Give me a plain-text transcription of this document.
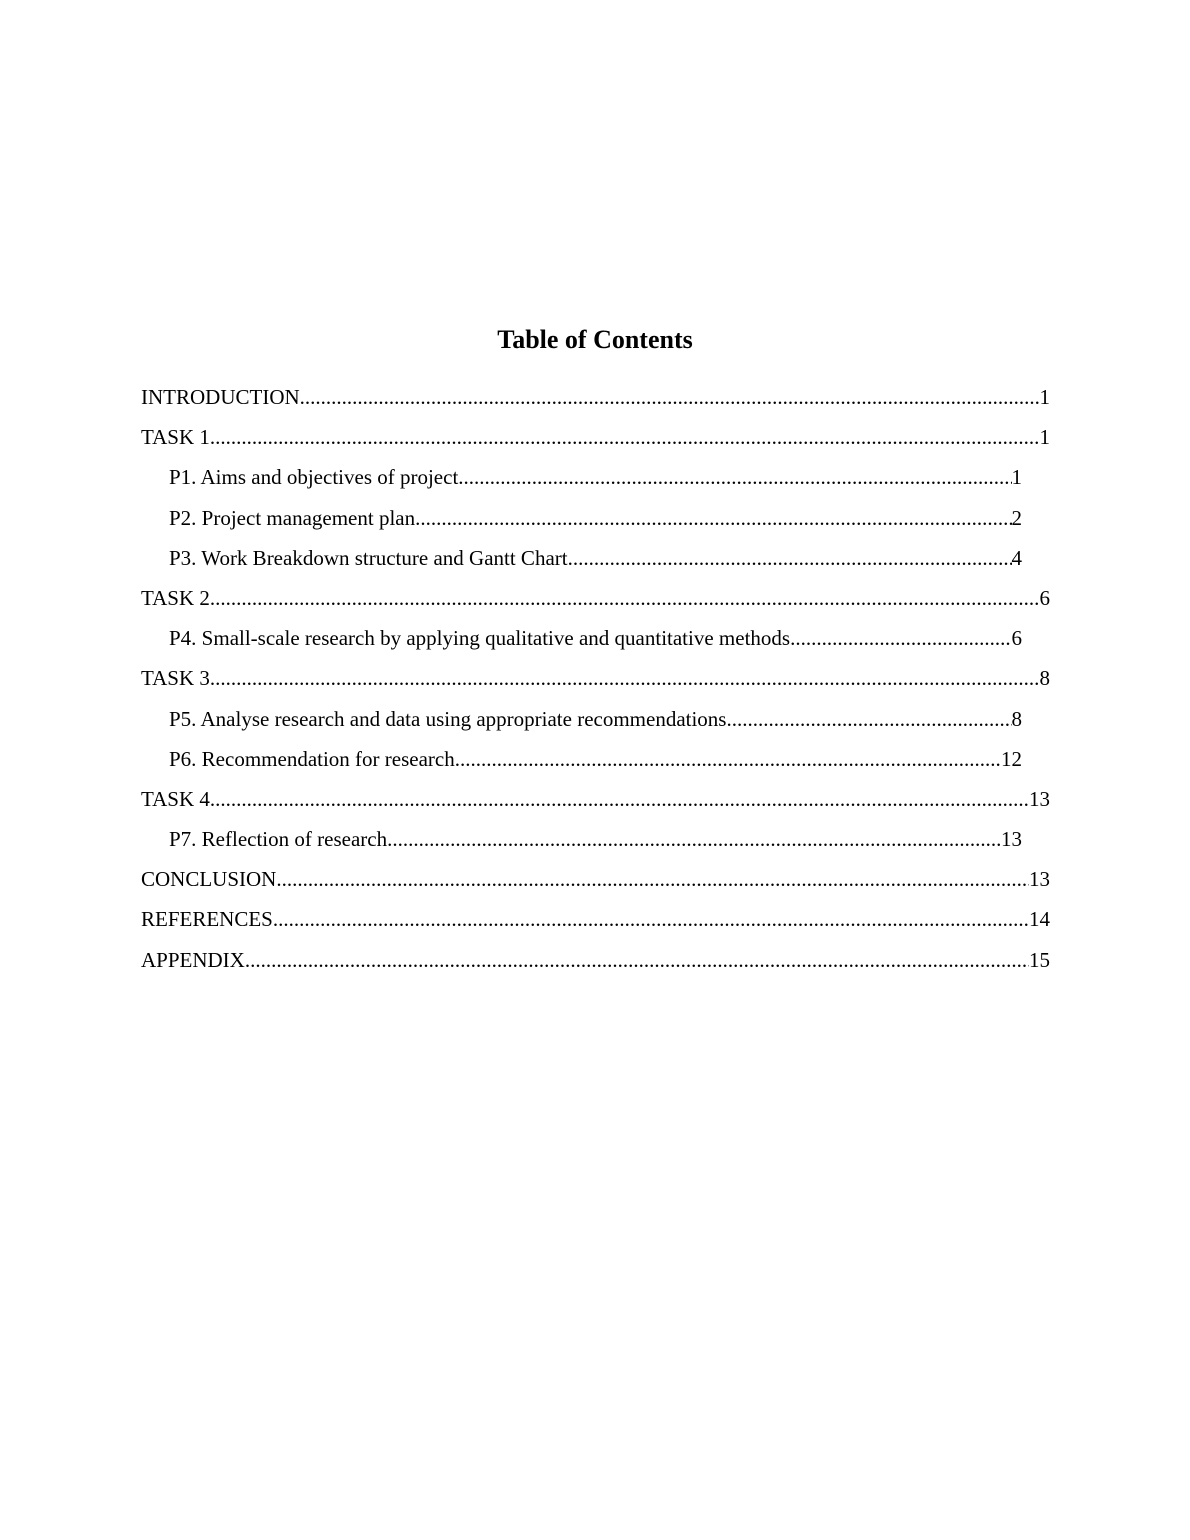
Table of Contents
INTRODUCTION .....	1
TASK 1 .....	1
P1. Aims and objectives of project .....	1
P2. Project management plan .....	2
P3. Work Breakdown structure and Gantt Chart .....	4
TASK 2 .....	6
P4. Small-scale research by applying qualitative and quantitative methods .....	6
TASK 3 .....	8
P5. Analyse research and data using appropriate recommendations .....	8
P6. Recommendation for research .....	12
TASK 4 .....	13
P7. Reflection of research .....	13
CONCLUSION .....	13
REFERENCES .....	14
APPENDIX .....	15
